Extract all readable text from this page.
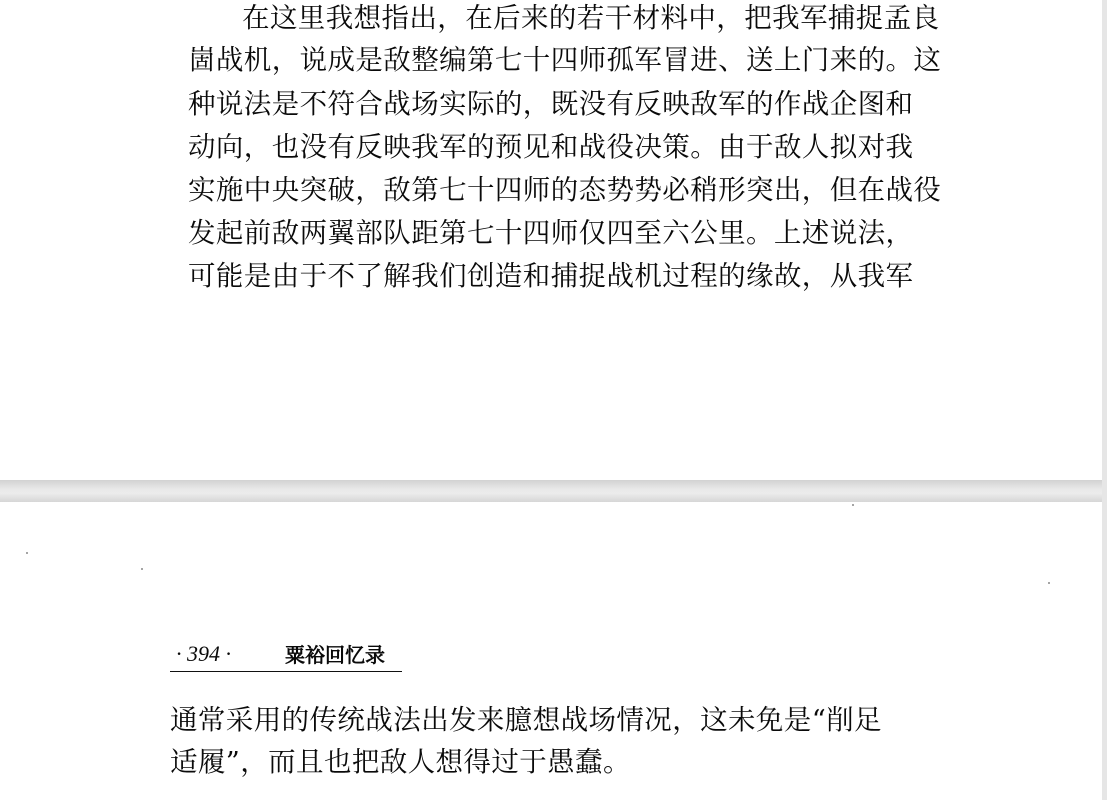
在这里我想指出，在后来的若干材料中，把我军捕捉孟良
崮战机，说成是敌整编第七十四师孤军冒进、送上门来的。这
种说法是不符合战场实际的，既没有反映敌军的作战企图和
动向，也没有反映我军的预见和战役决策。由于敌人拟对我
实施中央突破，敌第七十四师的态势势必稍形突出，但在战役
发起前敌两翼部队距第七十四师仅四至六公里。上述说法，
可能是由于不了解我们创造和捕捉战机过程的缘故，从我军
· 394 ·	粟裕回忆录
通常采用的传统战法出发来臆想战场情况，这未免是“削足
适履”，而且也把敌人想得过于愚蠢。
